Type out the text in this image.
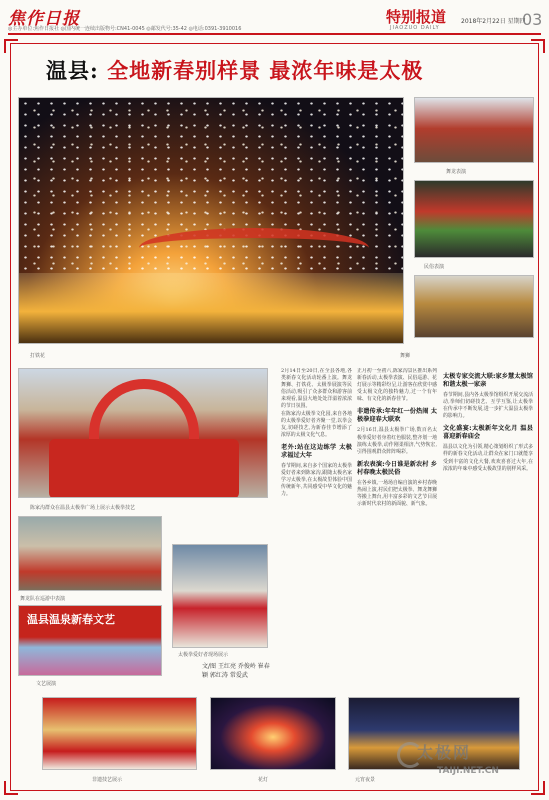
焦作日报
◎主办单位:焦作日报社 ◎国内统一连续出版物号:CN41-0045 ◎邮发代号:35-42 ◎电话:0391-3910016
特别报道
JIAOZUO DAILY
2018年2月22日 星期四
03
温县: 全地新春别样景 最浓年味是太极
打铁花
舞龙表演
民俗表演
舞狮
陈家沟群众在温县太极拳广场上展示太极拳技艺
舞龙队在巡游中表演
温县温泉新春文艺
文艺展演
太极拳爱好者现场展示
文/图 王红亮 乔俊岭 崔春颖 郭红涛 常爱武
非遗技艺展示	花灯	元宵夜景

2月14日至20日,在全县各地,各类新春文化活动轮番上演。舞龙舞狮、打铁花、太极拳展演等民俗活动,吸引了众多群众和游客前来观看,温县大地处处洋溢着浓浓的节日氛围。

在陈家沟太极拳文化园,来自各地的太极拳爱好者齐聚一堂,以拳会友,切磋技艺,为新春佳节增添了浓厚的太极文化气息。

老外:站在这边练学 太极求福过大年

春节期间,来自多个国家的太极拳爱好者来到陈家沟,跟随太极名家学习太极拳,在太极故里体验中国传统新年,共同感受中华文化的魅力。

正月初一至初六,陈家沟景区推出系列新春活动,太极拳表演、民俗巡游、花灯展示等精彩纷呈,让游客在欣赏中感受太极文化的独特魅力,过一个有年味、有文化的新春佳节。

非遗传承:年年红一份热闹 太极拳迎春大联欢

2月16日,温县太极拳广场,数百名太极拳爱好者身着红色服装,整齐划一地演练太极拳,动作刚柔相济,气势恢宏,引得围观群众阵阵喝彩。

新农表演:今日谁是新农村 乡村春晚太极民俗

在各乡镇,一场场自编自演的乡村春晚热闹上演,村民们把太极拳、舞龙舞狮等搬上舞台,用丰富多彩的文艺节目展示新时代农村的新面貌、新气象。

太极专家交流大联:家乡慧太极馆 和谐太极一家亲

春节期间,县内各太极拳馆组织开展交流活动,拳师们切磋技艺、互学互鉴,让太极拳在传承中不断发展,进一步扩大温县太极拳的影响力。

文化盛宴:太极新年文化月 温县喜迎新春庙会

温县以文化为引领,精心策划组织了形式多样的新春文化活动,让群众在家门口就能享受到丰富的文化大餐,欢欢喜喜过大年,在浓浓的年味中感受太极故里的别样风采。

太极网
TAIJI.NET.CN
